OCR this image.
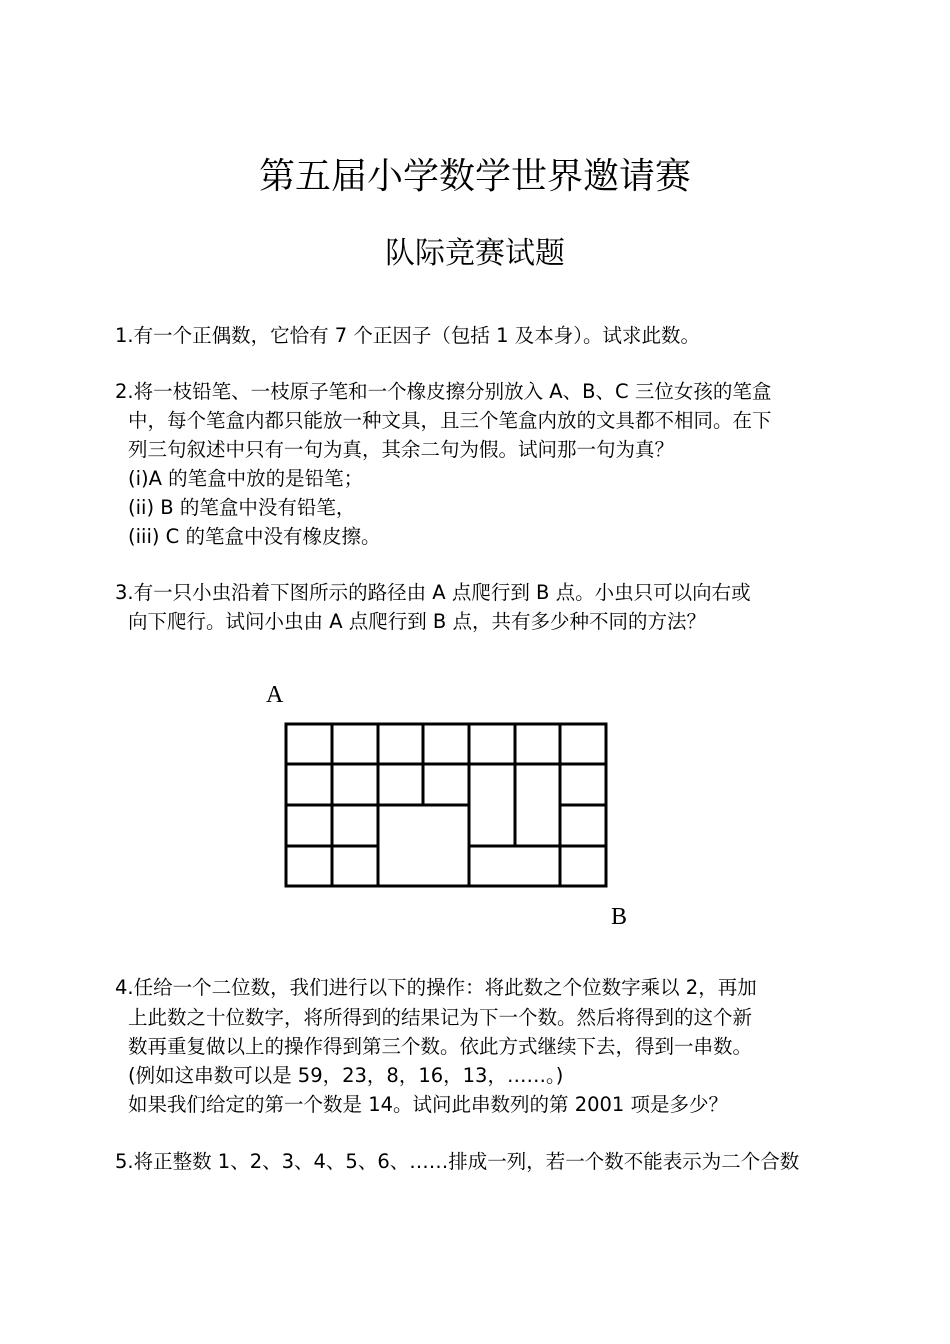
第五届小学数学世界邀请赛
队际竞赛试题
1.有一个正偶数，它恰有 7 个正因子（包括 1 及本身）。试求此数。
2.将一枝铅笔、一枝原子笔和一个橡皮擦分别放入 A、B、C 三位女孩的笔盒
中，每个笔盒内都只能放一种文具，且三个笔盒内放的文具都不相同。在下
列三句叙述中只有一句为真，其余二句为假。试问那一句为真？
(i)A 的笔盒中放的是铅笔；
(ii) B 的笔盒中没有铅笔，
(iii) C 的笔盒中没有橡皮擦。
3.有一只小虫沿着下图所示的路径由 A 点爬行到 B 点。小虫只可以向右或
向下爬行。试问小虫由 A 点爬行到 B 点，共有多少种不同的方法？
A
B
4.任给一个二位数，我们进行以下的操作：将此数之个位数字乘以 2，再加
上此数之十位数字，将所得到的结果记为下一个数。然后将得到的这个新
数再重复做以上的操作得到第三个数。依此方式继续下去，得到一串数。
(例如这串数可以是 59，23，8，16，13，……。)
如果我们给定的第一个数是 14。试问此串数列的第 2001 项是多少？
5.将正整数 1、2、3、4、5、6、……排成一列，若一个数不能表示为二个合数
